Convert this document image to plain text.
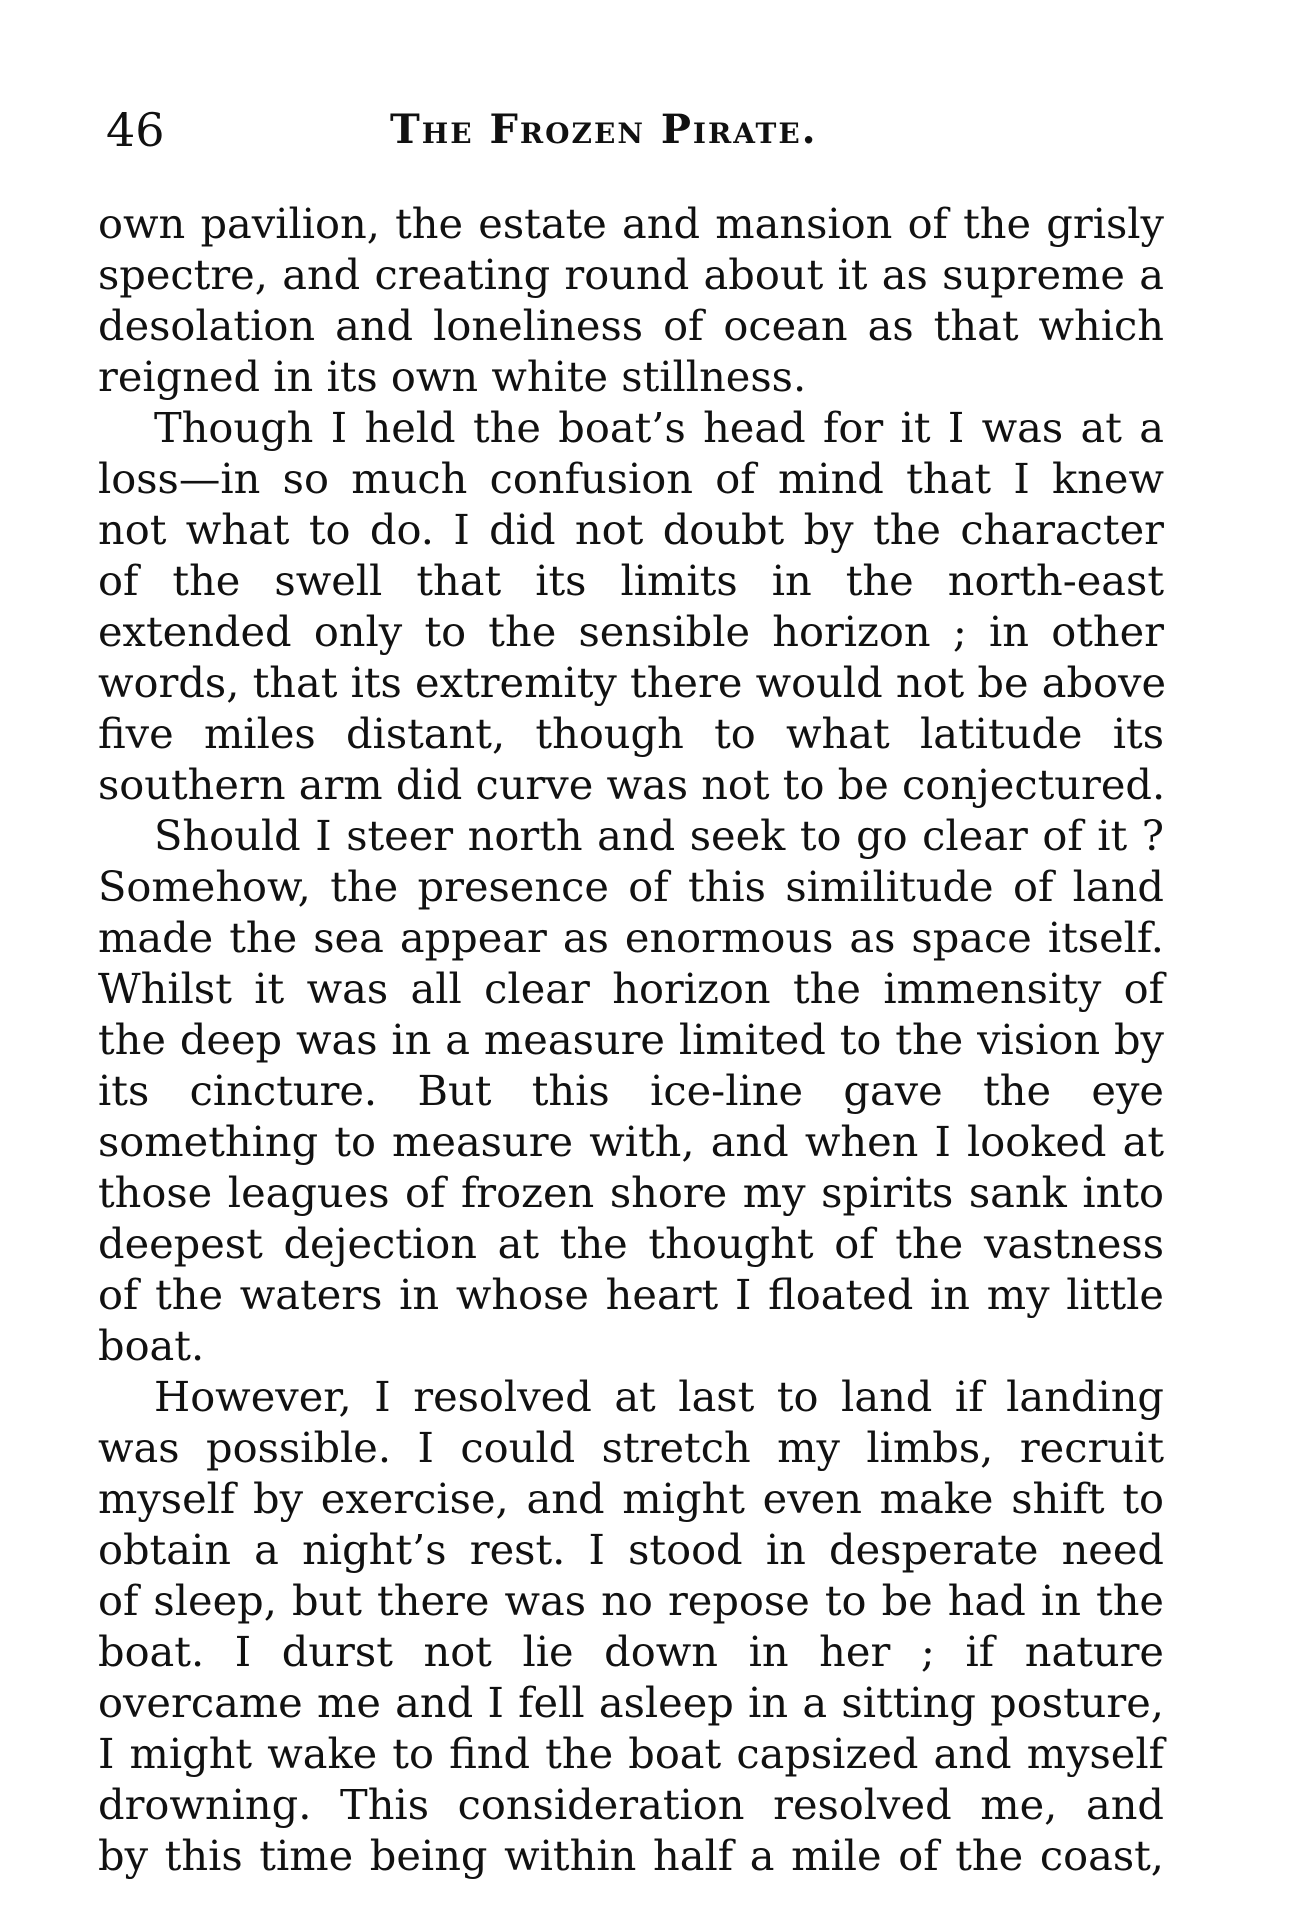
46	The Frozen Pirate.
own pavilion, the estate and mansion of the grisly
spectre, and creating round about it as supreme a
desolation and loneliness of ocean as that which
reigned in its own white stillness.
Though I held the boat’s head for it I was at a
loss—in so much confusion of mind that I knew
not what to do. I did not doubt by the character
of the swell that its limits in the north-east
extended only to the sensible horizon ; in other
words, that its extremity there would not be above
five miles distant, though to what latitude its
southern arm did curve was not to be conjectured.
Should I steer north and seek to go clear of it ?
Somehow, the presence of this similitude of land
made the sea appear as enormous as space itself.
Whilst it was all clear horizon the immensity of
the deep was in a measure limited to the vision by
its cincture. But this ice-line gave the eye
something to measure with, and when I looked at
those leagues of frozen shore my spirits sank into
deepest dejection at the thought of the vastness
of the waters in whose heart I floated in my little
boat.
However, I resolved at last to land if landing
was possible. I could stretch my limbs, recruit
myself by exercise, and might even make shift to
obtain a night’s rest. I stood in desperate need
of sleep, but there was no repose to be had in the
boat. I durst not lie down in her ; if nature
overcame me and I fell asleep in a sitting posture,
I might wake to find the boat capsized and myself
drowning. This consideration resolved me, and
by this time being within half a mile of the coast,
